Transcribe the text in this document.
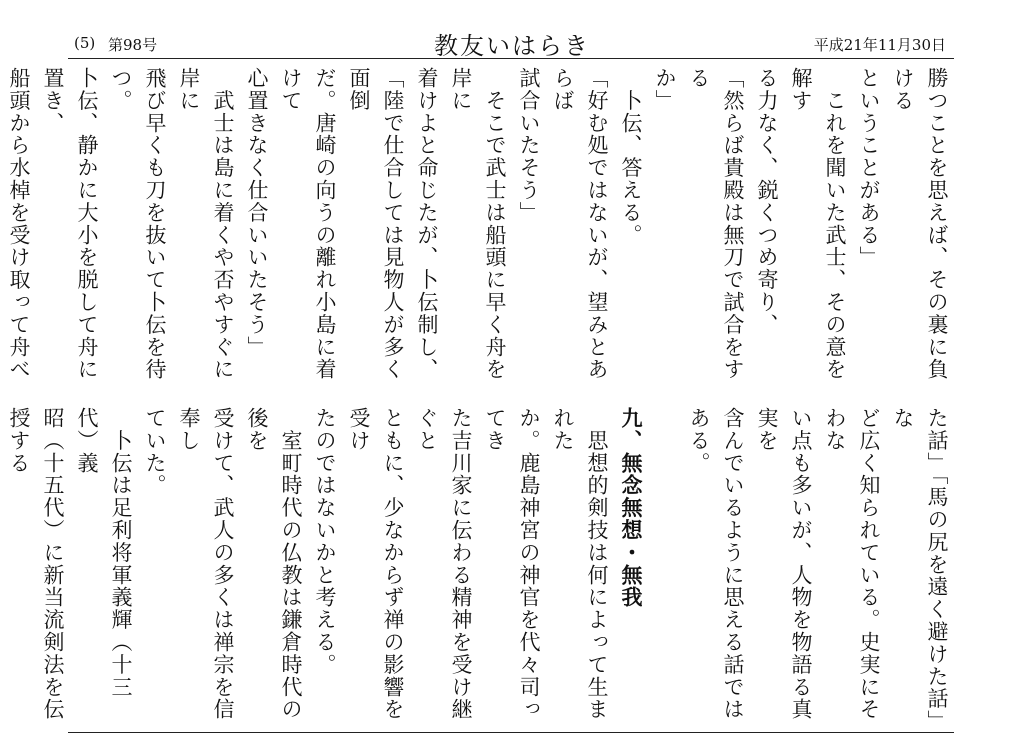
(5) 第98号	教友いはらき	平成21年11月30日

勝つことを思えば、その裏に負ける

ということがある」

　これを聞いた武士、その意を解す

る力なく、鋭くつめ寄り、

「然らば貴殿は無刀で試合をする

か」

　卜伝、答える。

「好む処ではないが、望みとあらば

試合いたそう」

　そこで武士は船頭に早く舟を岸に

着けよと命じたが、卜伝制し、

「陸で仕合しては見物人が多く面倒

だ。唐崎の向うの離れ小島に着けて

心置きなく仕合いいたそう」

　武士は島に着くや否やすぐに岸に

飛び早くも刀を抜いて卜伝を待つ。

卜伝、静かに大小を脱して舟に置き、

船頭から水棹を受け取って舟べ

た話」「馬の尻を遠く避けた話」な

ど広く知られている。史実にそわな

い点も多いが、人物を物語る真実を

含んでいるように思える話ではある。

九、無念無想・無我

　思想的剣技は何によって生まれた

か。鹿島神宮の神官を代々司ってき

た吉川家に伝わる精神を受け継ぐと

ともに、少なからず禅の影響を受け

たのではないかと考える。

　室町時代の仏教は鎌倉時代の後を

受けて、武人の多くは禅宗を信奉し

ていた。

　卜伝は足利将軍義輝（十三代）義

昭（十五代）に新当流剣法を伝授する
